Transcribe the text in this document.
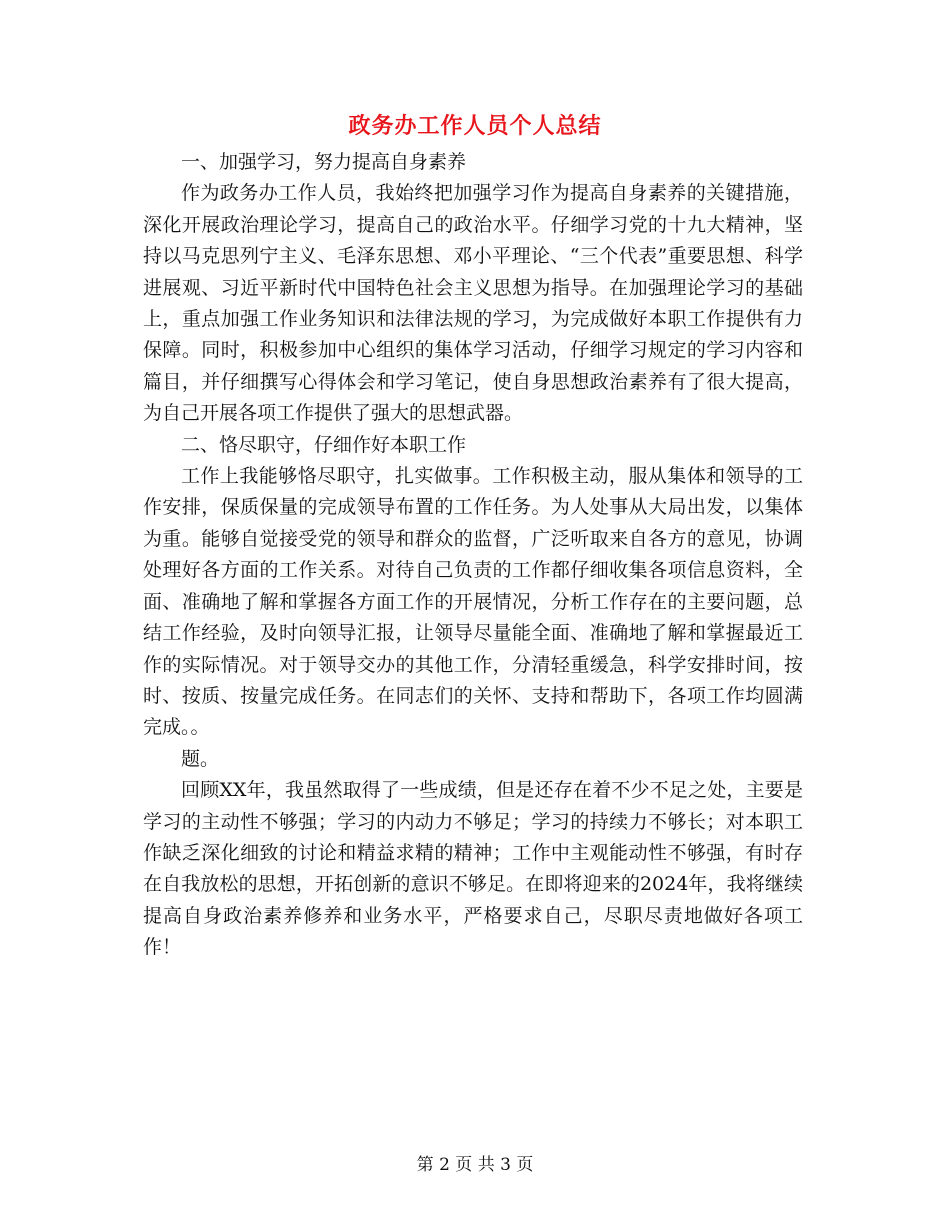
政务办工作人员个人总结

一、加强学习，努力提高自身素养

作为政务办工作人员，我始终把加强学习作为提高自身素养的关键措施，深化开展政治理论学习，提高自己的政治水平。仔细学习党的十九大精神，坚持以马克思列宁主义、毛泽东思想、邓小平理论、“三个代表”重要思想、科学进展观、习近平新时代中国特色社会主义思想为指导。在加强理论学习的基础上，重点加强工作业务知识和法律法规的学习，为完成做好本职工作提供有力保障。同时，积极参加中心组织的集体学习活动，仔细学习规定的学习内容和篇目，并仔细撰写心得体会和学习笔记，使自身思想政治素养有了很大提高，为自己开展各项工作提供了强大的思想武器。

二、恪尽职守，仔细作好本职工作

工作上我能够恪尽职守，扎实做事。工作积极主动，服从集体和领导的工作安排，保质保量的完成领导布置的工作任务。为人处事从大局出发，以集体为重。能够自觉接受党的领导和群众的监督，广泛听取来自各方的意见，协调处理好各方面的工作关系。对待自己负责的工作都仔细收集各项信息资料，全面、准确地了解和掌握各方面工作的开展情况，分析工作存在的主要问题，总结工作经验，及时向领导汇报，让领导尽量能全面、准确地了解和掌握最近工作的实际情况。对于领导交办的其他工作，分清轻重缓急，科学安排时间，按时、按质、按量完成任务。在同志们的关怀、支持和帮助下，各项工作均圆满完成。。

题。

回顾XX年，我虽然取得了一些成绩，但是还存在着不少不足之处，主要是学习的主动性不够强；学习的内动力不够足；学习的持续力不够长；对本职工作缺乏深化细致的讨论和精益求精的精神；工作中主观能动性不够强，有时存在自我放松的思想，开拓创新的意识不够足。在即将迎来的2024年，我将继续提高自身政治素养修养和业务水平，严格要求自己，尽职尽责地做好各项工作！

第 2 页 共 3 页
